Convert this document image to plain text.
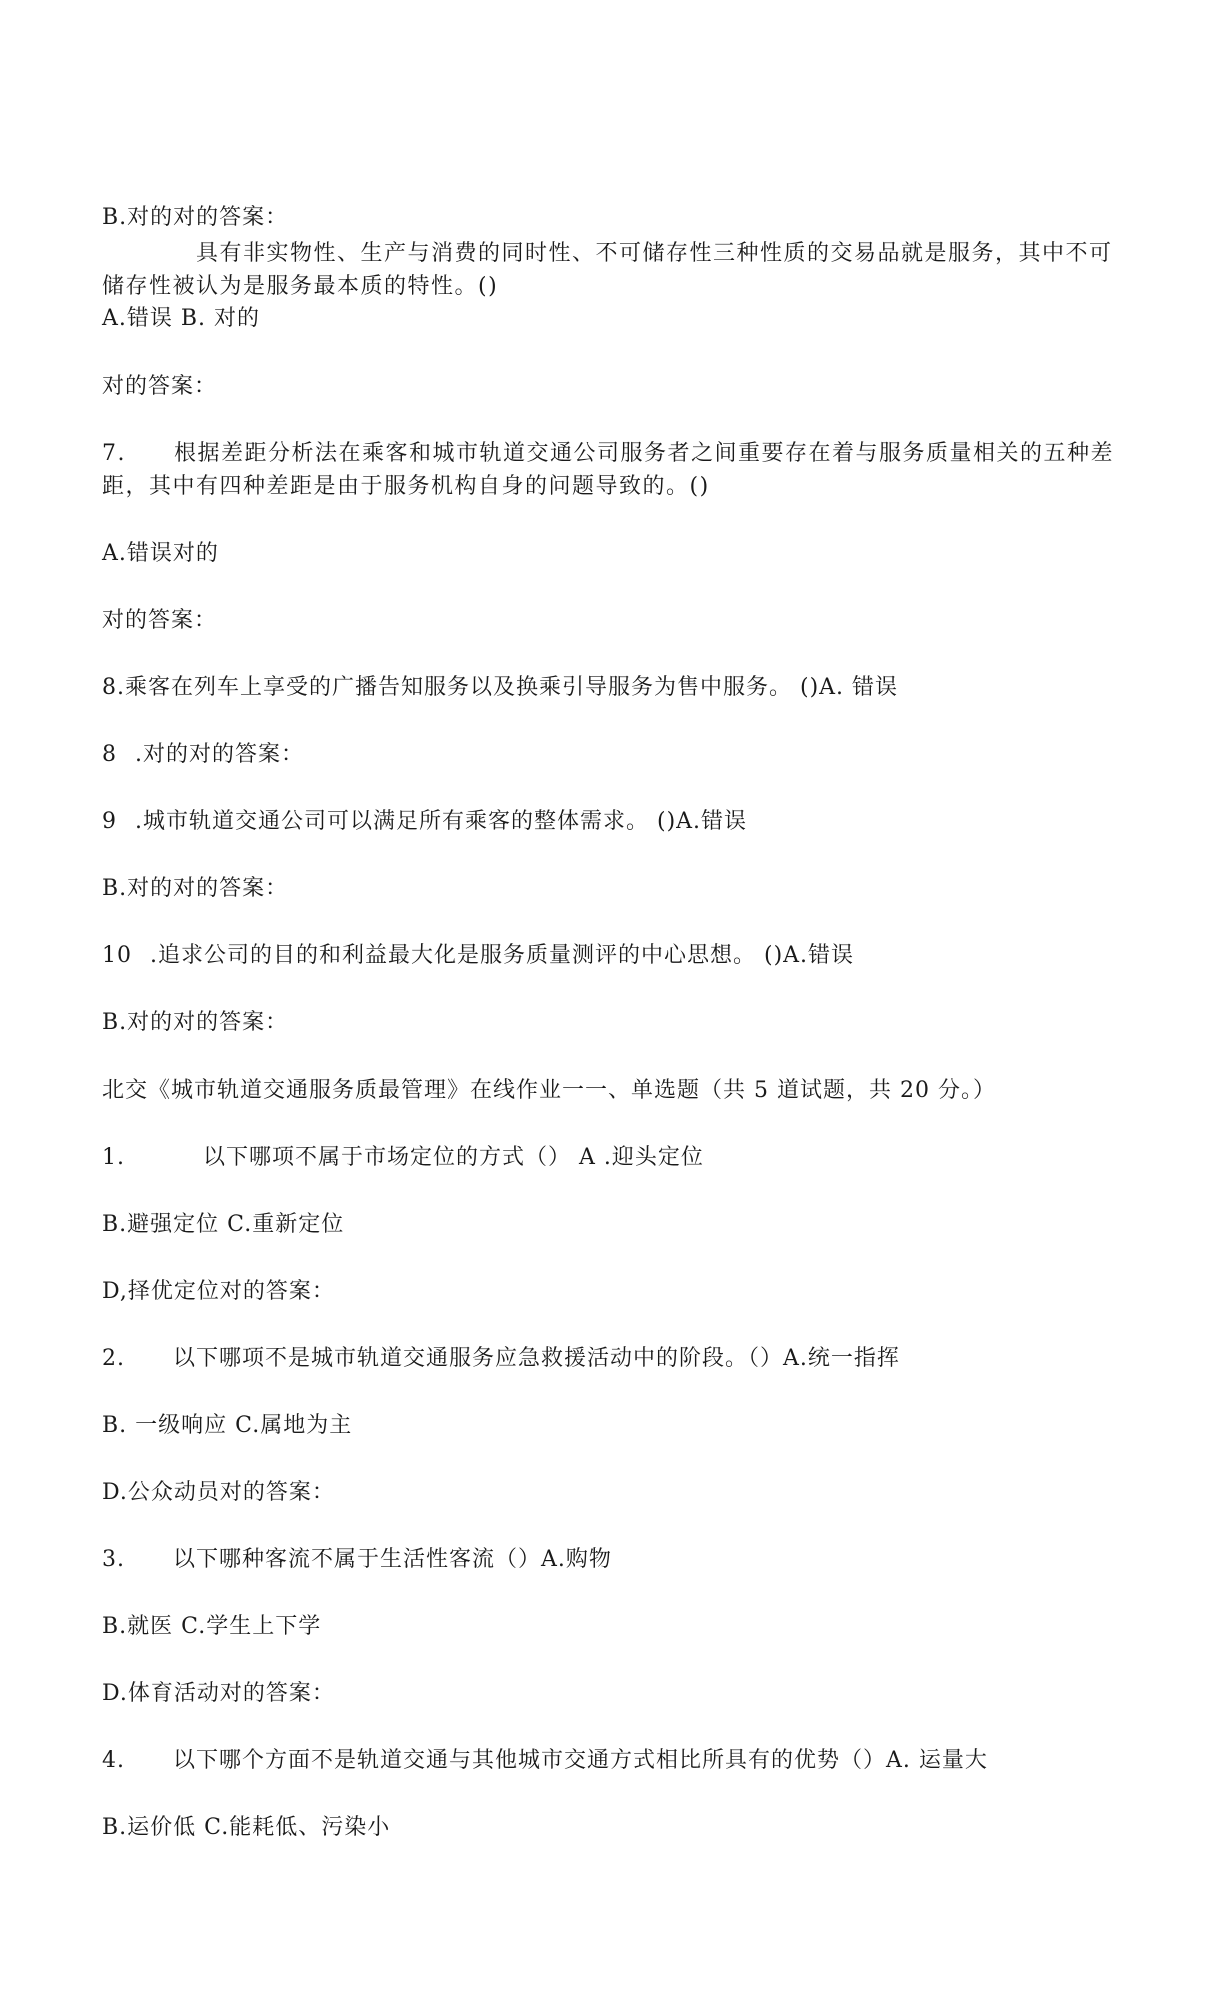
B.对的对的答案：
具有非实物性、生产与消费的同时性、不可储存性三种性质的交易品就是服务，其中不可储存性被认为是服务最本质的特性。()
A.错误 B. 对的
对的答案：
7. 根据差距分析法在乘客和城市轨道交通公司服务者之间重要存在着与服务质量相关的五种差距，其中有四种差距是由于服务机构自身的问题导致的。()
A.错误对的
对的答案：
8.乘客在列车上享受的广播告知服务以及换乘引导服务为售中服务。 ()A. 错误
8 .对的对的答案：
9 .城市轨道交通公司可以满足所有乘客的整体需求。 ()A.错误
B.对的对的答案：
10 .追求公司的目的和利益最大化是服务质量测评的中心思想。 ()A.错误
B.对的对的答案：
北交《城市轨道交通服务质最管理》在线作业一一、单选题（共 5 道试题，共 20 分。）
1.	以下哪项不属于市场定位的方式（） A .迎头定位
B.避强定位 C.重新定位
D,择优定位对的答案：
2. 以下哪项不是城市轨道交通服务应急救援活动中的阶段。（）A.统一指挥
B. 一级响应 C.属地为主
D.公众动员对的答案：
3. 以下哪种客流不属于生活性客流（）A.购物
B.就医 C.学生上下学
D.体育活动对的答案：
4. 以下哪个方面不是轨道交通与其他城市交通方式相比所具有的优势（）A. 运量大
B.运价低 C.能耗低、污染小
